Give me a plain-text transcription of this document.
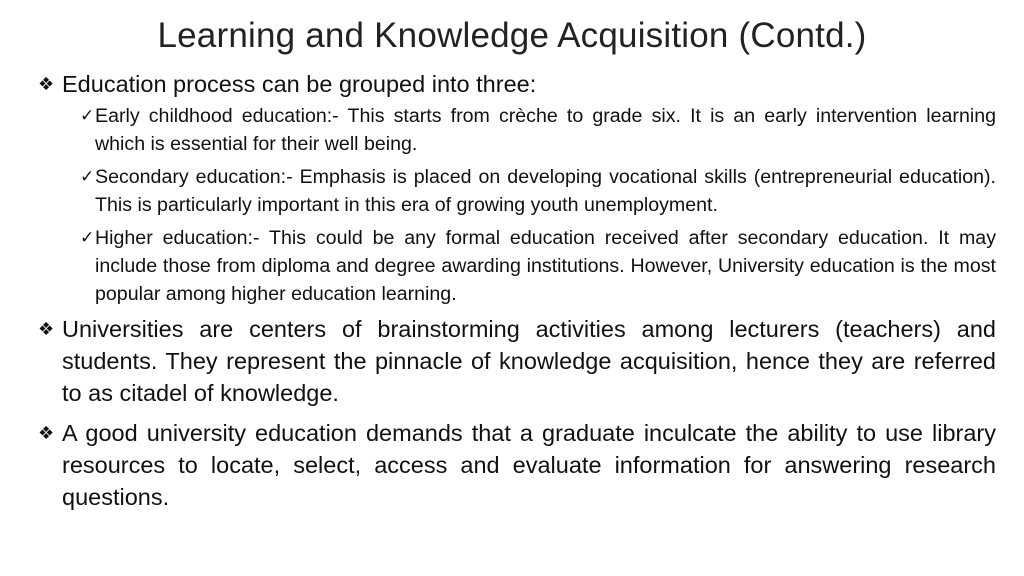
Learning and Knowledge Acquisition (Contd.)
❖ Education process can be grouped into three:
✓ Early childhood education:- This starts from crèche to grade six. It is an early intervention learning which is essential for their well being.
✓ Secondary education:- Emphasis is placed on developing vocational skills (entrepreneurial education). This is particularly important in this era of growing youth unemployment.
✓ Higher education:- This could be any formal education received after secondary education. It may include those from diploma and degree awarding institutions. However, University education is the most popular among higher education learning.
❖ Universities are centers of brainstorming activities among lecturers (teachers) and students. They represent the pinnacle of knowledge acquisition, hence they are referred to as citadel of knowledge.
❖ A good university education demands that a graduate inculcate the ability to use library resources to locate, select, access and evaluate information for answering research questions.
